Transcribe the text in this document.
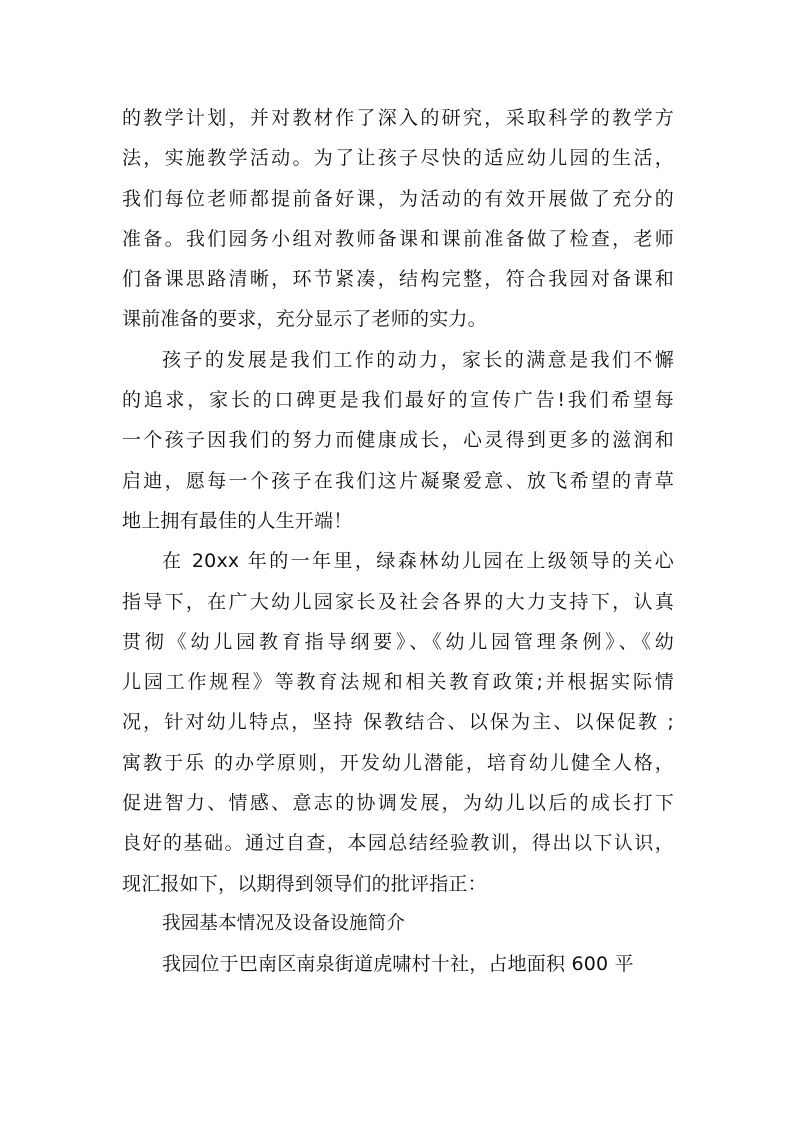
的教学计划，并对教材作了深入的研究，采取科学的教学方
法，实施教学活动。为了让孩子尽快的适应幼儿园的生活，
我们每位老师都提前备好课，为活动的有效开展做了充分的
准备。我们园务小组对教师备课和课前准备做了检查，老师
们备课思路清晰，环节紧凑，结构完整，符合我园对备课和
课前准备的要求，充分显示了老师的实力。
孩子的发展是我们工作的动力，家长的满意是我们不懈
的追求，家长的口碑更是我们最好的宣传广告!我们希望每
一个孩子因我们的努力而健康成长，心灵得到更多的滋润和
启迪，愿每一个孩子在我们这片凝聚爱意、放飞希望的青草
地上拥有最佳的人生开端！
在 20xx 年的一年里，绿森林幼儿园在上级领导的关心
指导下，在广大幼儿园家长及社会各界的大力支持下，认真
贯彻《幼儿园教育指导纲要》、《幼儿园管理条例》、《幼
儿园工作规程》等教育法规和相关教育政策;并根据实际情
况，针对幼儿特点，坚持 保教结合、以保为主、以保促教 ;
寓教于乐 的办学原则，开发幼儿潜能，培育幼儿健全人格，
促进智力、情感、意志的协调发展，为幼儿以后的成长打下
良好的基础。通过自查，本园总结经验教训，得出以下认识，
现汇报如下，以期得到领导们的批评指正：
我园基本情况及设备设施简介
我园位于巴南区南泉街道虎啸村十社，占地面积 600 平
